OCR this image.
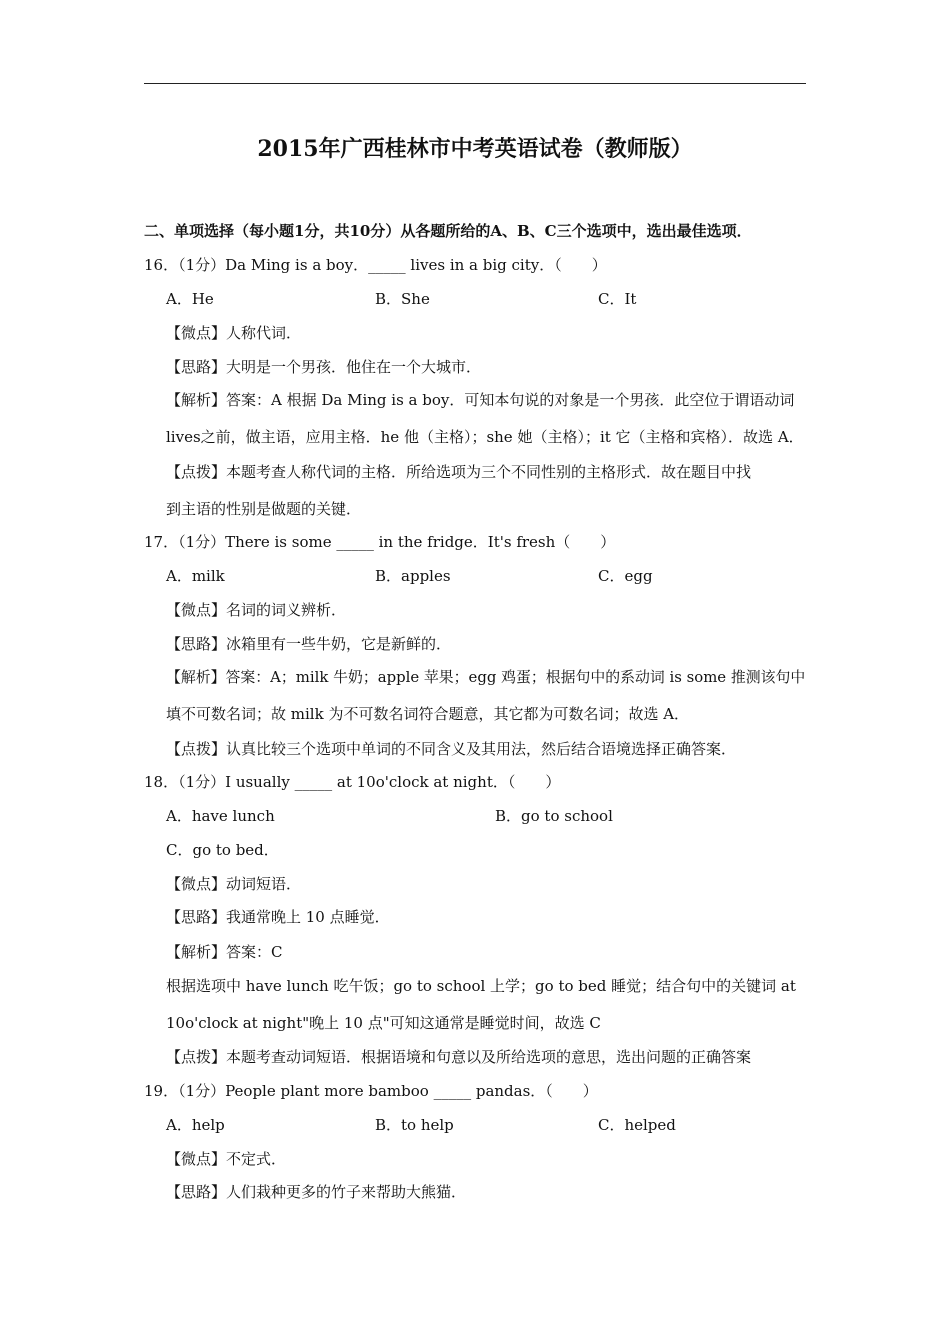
2015年广西桂林市中考英语试卷（教师版）
二、单项选择（每小题1分，共10分）从各题所给的A、B、C三个选项中，选出最佳选项．
16．（1分）Da Ming is a boy．_____ lives in a big city．（　　）
A．He	B．She	C．It
【微点】人称代词．
【思路】大明是一个男孩．他住在一个大城市．
【解析】答案：A 根据 Da Ming is a boy．可知本句说的对象是一个男孩．此空位于谓语动词
lives之前，做主语，应用主格．he 他（主格）；she 她（主格）；it 它（主格和宾格）．故选 A．
【点拨】本题考查人称代词的主格．所给选项为三个不同性别的主格形式．故在题目中找
到主语的性别是做题的关键．
17．（1分）There is some _____ in the fridge．It's fresh（　　）
A．milk	B．apples	C．egg
【微点】名词的词义辨析．
【思路】冰箱里有一些牛奶，它是新鲜的．
【解析】答案：A；milk 牛奶；apple 苹果；egg 鸡蛋；根据句中的系动词 is some 推测该句中
填不可数名词；故 milk 为不可数名词符合题意，其它都为可数名词；故选 A．
【点拨】认真比较三个选项中单词的不同含义及其用法，然后结合语境选择正确答案．
18．（1分）I usually _____ at 10o'clock at night．（　　）
A．have lunch	B．go to school
C．go to bed．
【微点】动词短语．
【思路】我通常晚上 10 点睡觉．
【解析】答案：C
根据选项中 have lunch 吃午饭；go to school 上学；go to bed 睡觉；结合句中的关键词 at
10o'clock at night"晚上 10 点"可知这通常是睡觉时间，故选 C
【点拨】本题考查动词短语．根据语境和句意以及所给选项的意思，选出问题的正确答案
19．（1分）People plant more bamboo _____ pandas．（　　）
A．help	B．to help	C．helped
【微点】不定式．
【思路】人们栽种更多的竹子来帮助大熊猫．
